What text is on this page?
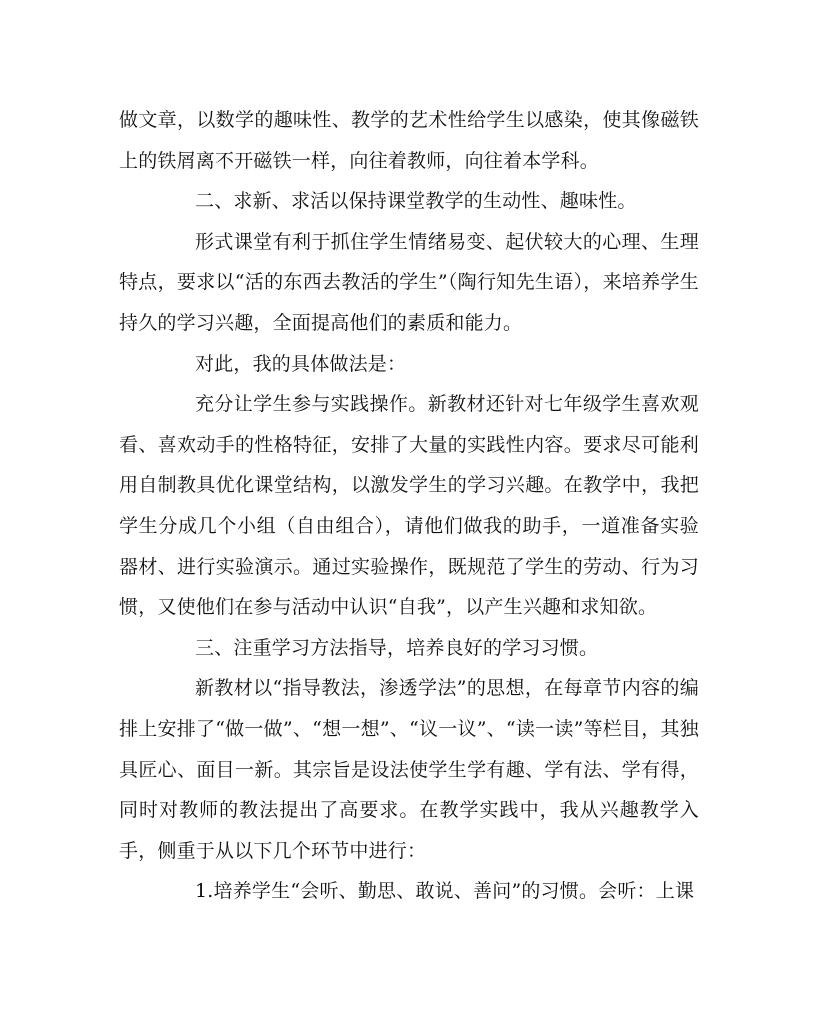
做文章，以数学的趣味性、教学的艺术性给学生以感染，使其像磁铁上的铁屑离不开磁铁一样，向往着教师，向往着本学科。

二、求新、求活以保持课堂教学的生动性、趣味性。

形式课堂有利于抓住学生情绪易变、起伏较大的心理、生理特点，要求以“活的东西去教活的学生”（陶行知先生语），来培养学生持久的学习兴趣，全面提高他们的素质和能力。

对此，我的具体做法是：

充分让学生参与实践操作。新教材还针对七年级学生喜欢观看、喜欢动手的性格特征，安排了大量的实践性内容。要求尽可能利用自制教具优化课堂结构，以激发学生的学习兴趣。在教学中，我把学生分成几个小组（自由组合），请他们做我的助手，一道准备实验器材、进行实验演示。通过实验操作，既规范了学生的劳动、行为习惯，又使他们在参与活动中认识“自我”，以产生兴趣和求知欲。

三、注重学习方法指导，培养良好的学习习惯。

新教材以“指导教法，渗透学法”的思想，在每章节内容的编排上安排了“做一做”、“想一想”、“议一议”、“读一读”等栏目，其独具匠心、面目一新。其宗旨是设法使学生学有趣、学有法、学有得，同时对教师的教法提出了高要求。在教学实践中，我从兴趣教学入手，侧重于从以下几个环节中进行：

1.培养学生“会听、勤思、敢说、善问”的习惯。会听：上课
